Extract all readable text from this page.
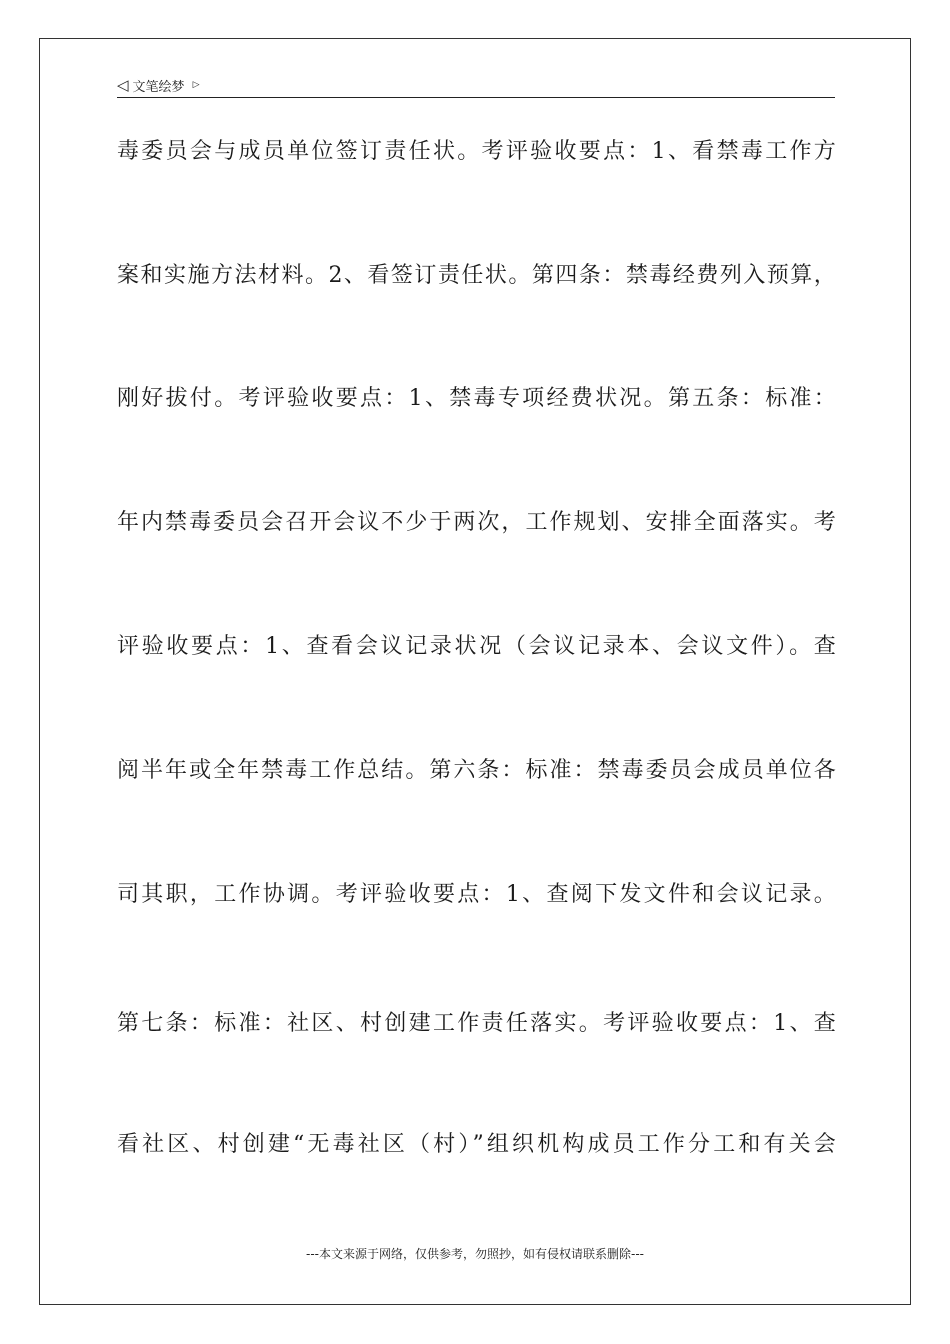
◁ 文笔绘梦 ▷
毒委员会与成员单位签订责任状。考评验收要点：1、看禁毒工作方
案和实施方法材料。2、看签订责任状。第四条：禁毒经费列入预算，
刚好拔付。考评验收要点：1、禁毒专项经费状况。第五条：标准：
年内禁毒委员会召开会议不少于两次，工作规划、安排全面落实。考
评验收要点：1、查看会议记录状况（会议记录本、会议文件）。查
阅半年或全年禁毒工作总结。第六条：标准：禁毒委员会成员单位各
司其职，工作协调。考评验收要点：1、查阅下发文件和会议记录。
第七条：标准：社区、村创建工作责任落实。考评验收要点：1、查
看社区、村创建“无毒社区（村）”组织机构成员工作分工和有关会
---本文来源于网络，仅供参考，勿照抄，如有侵权请联系删除---
